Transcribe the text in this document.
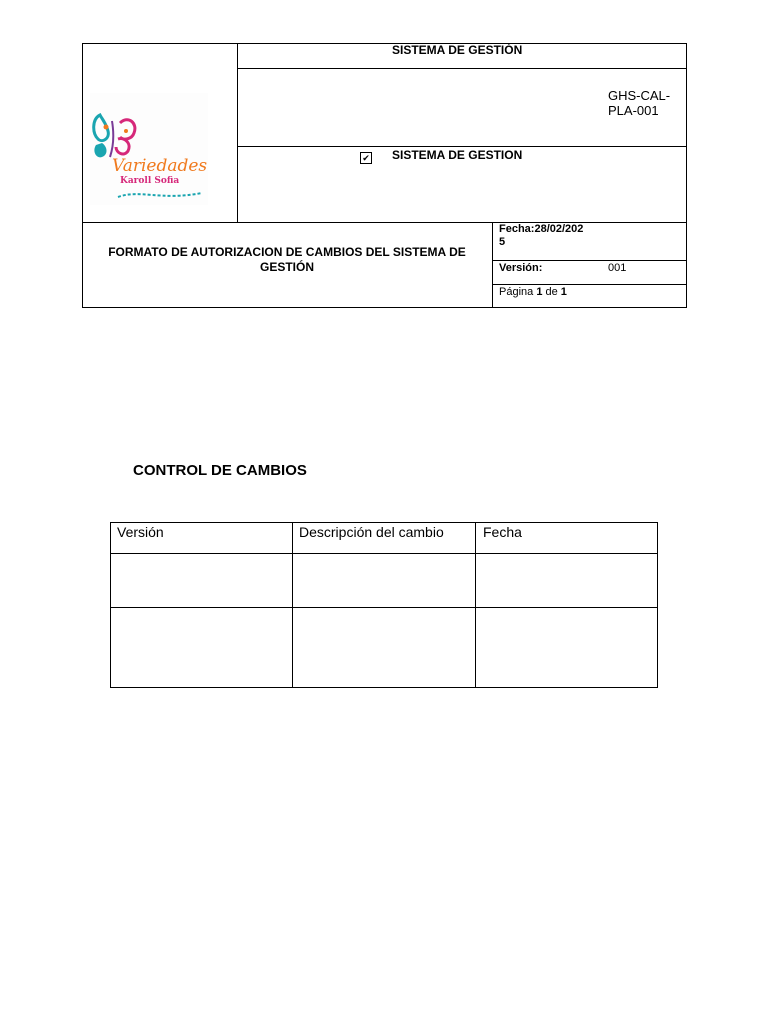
Variedades
Karoll Sofia
SISTEMA DE GESTIÓN
GHS-CAL-
PLA-001
✔ SISTEMA DE GESTION
FORMATO DE AUTORIZACION DE CAMBIOS DEL SISTEMA DE
GESTIÓN
Fecha:28/02/202
5
Versión:	001
Página 1 de 1
CONTROL DE CAMBIOS
Versión	Descripción del cambio	Fecha
